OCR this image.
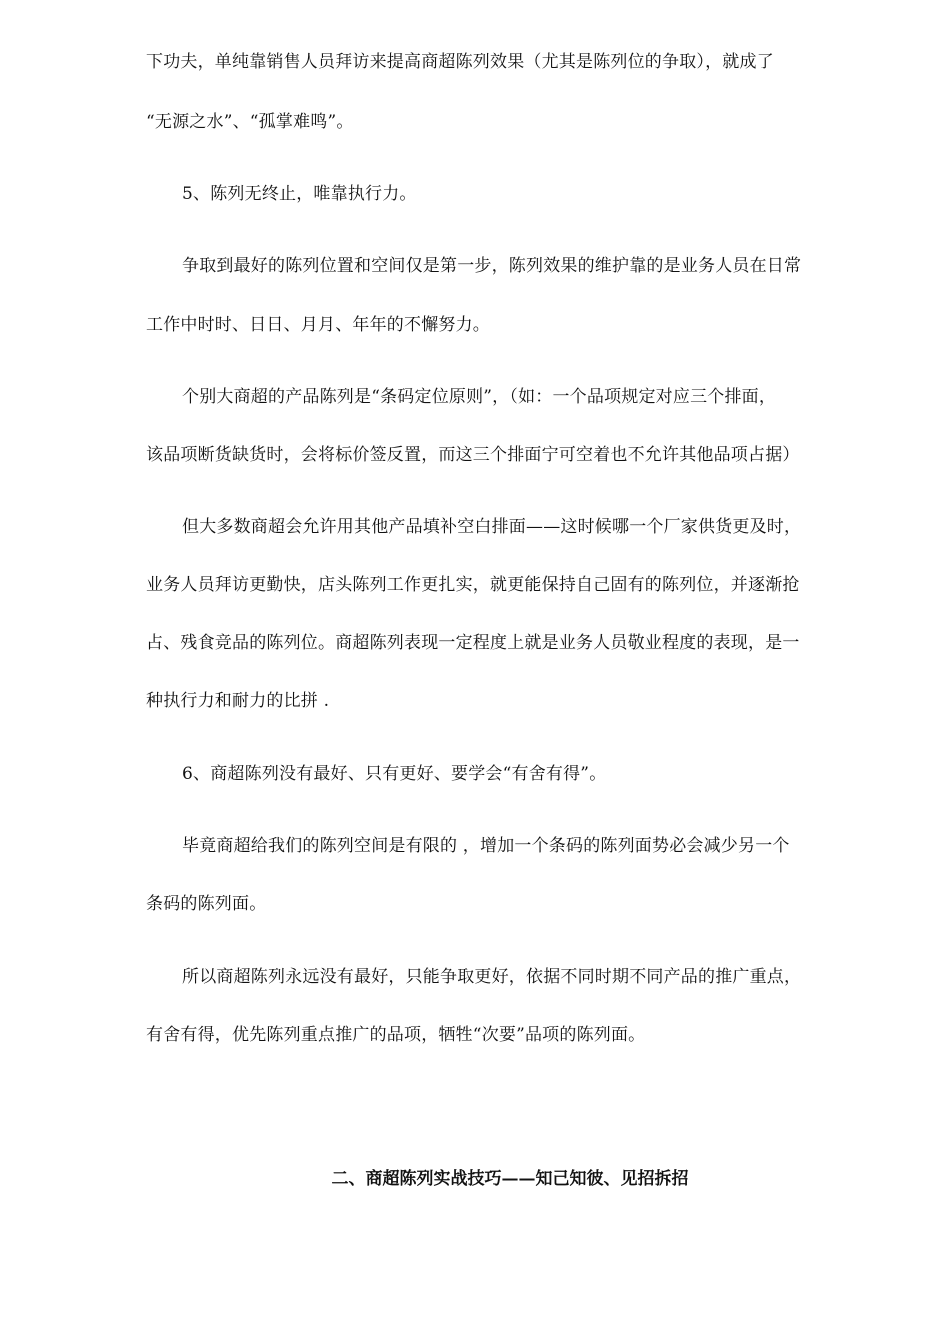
下功夫，单纯靠销售人员拜访来提高商超陈列效果（尤其是陈列位的争取），就成了
“无源之水”、“孤掌难鸣”。
5、陈列无终止，唯靠执行力。
争取到最好的陈列位置和空间仅是第一步，陈列效果的维护靠的是业务人员在日常
工作中时时、日日、月月、年年的不懈努力。
个别大商超的产品陈列是“条码定位原则”，（如：一个品项规定对应三个排面，
该品项断货缺货时，会将标价签反置，而这三个排面宁可空着也不允许其他品项占据）
但大多数商超会允许用其他产品填补空白排面——这时候哪一个厂家供货更及时，
业务人员拜访更勤快，店头陈列工作更扎实，就更能保持自己固有的陈列位，并逐渐抢
占、残食竞品的陈列位。商超陈列表现一定程度上就是业务人员敬业程度的表现，是一
种执行力和耐力的比拼 .
6、商超陈列没有最好、只有更好、要学会“有舍有得”。
毕竟商超给我们的陈列空间是有限的 ，增加一个条码的陈列面势必会减少另一个
条码的陈列面。
所以商超陈列永远没有最好，只能争取更好，依据不同时期不同产品的推广重点，
有舍有得，优先陈列重点推广的品项，牺牲“次要”品项的陈列面。
二、商超陈列实战技巧——知己知彼、见招拆招
